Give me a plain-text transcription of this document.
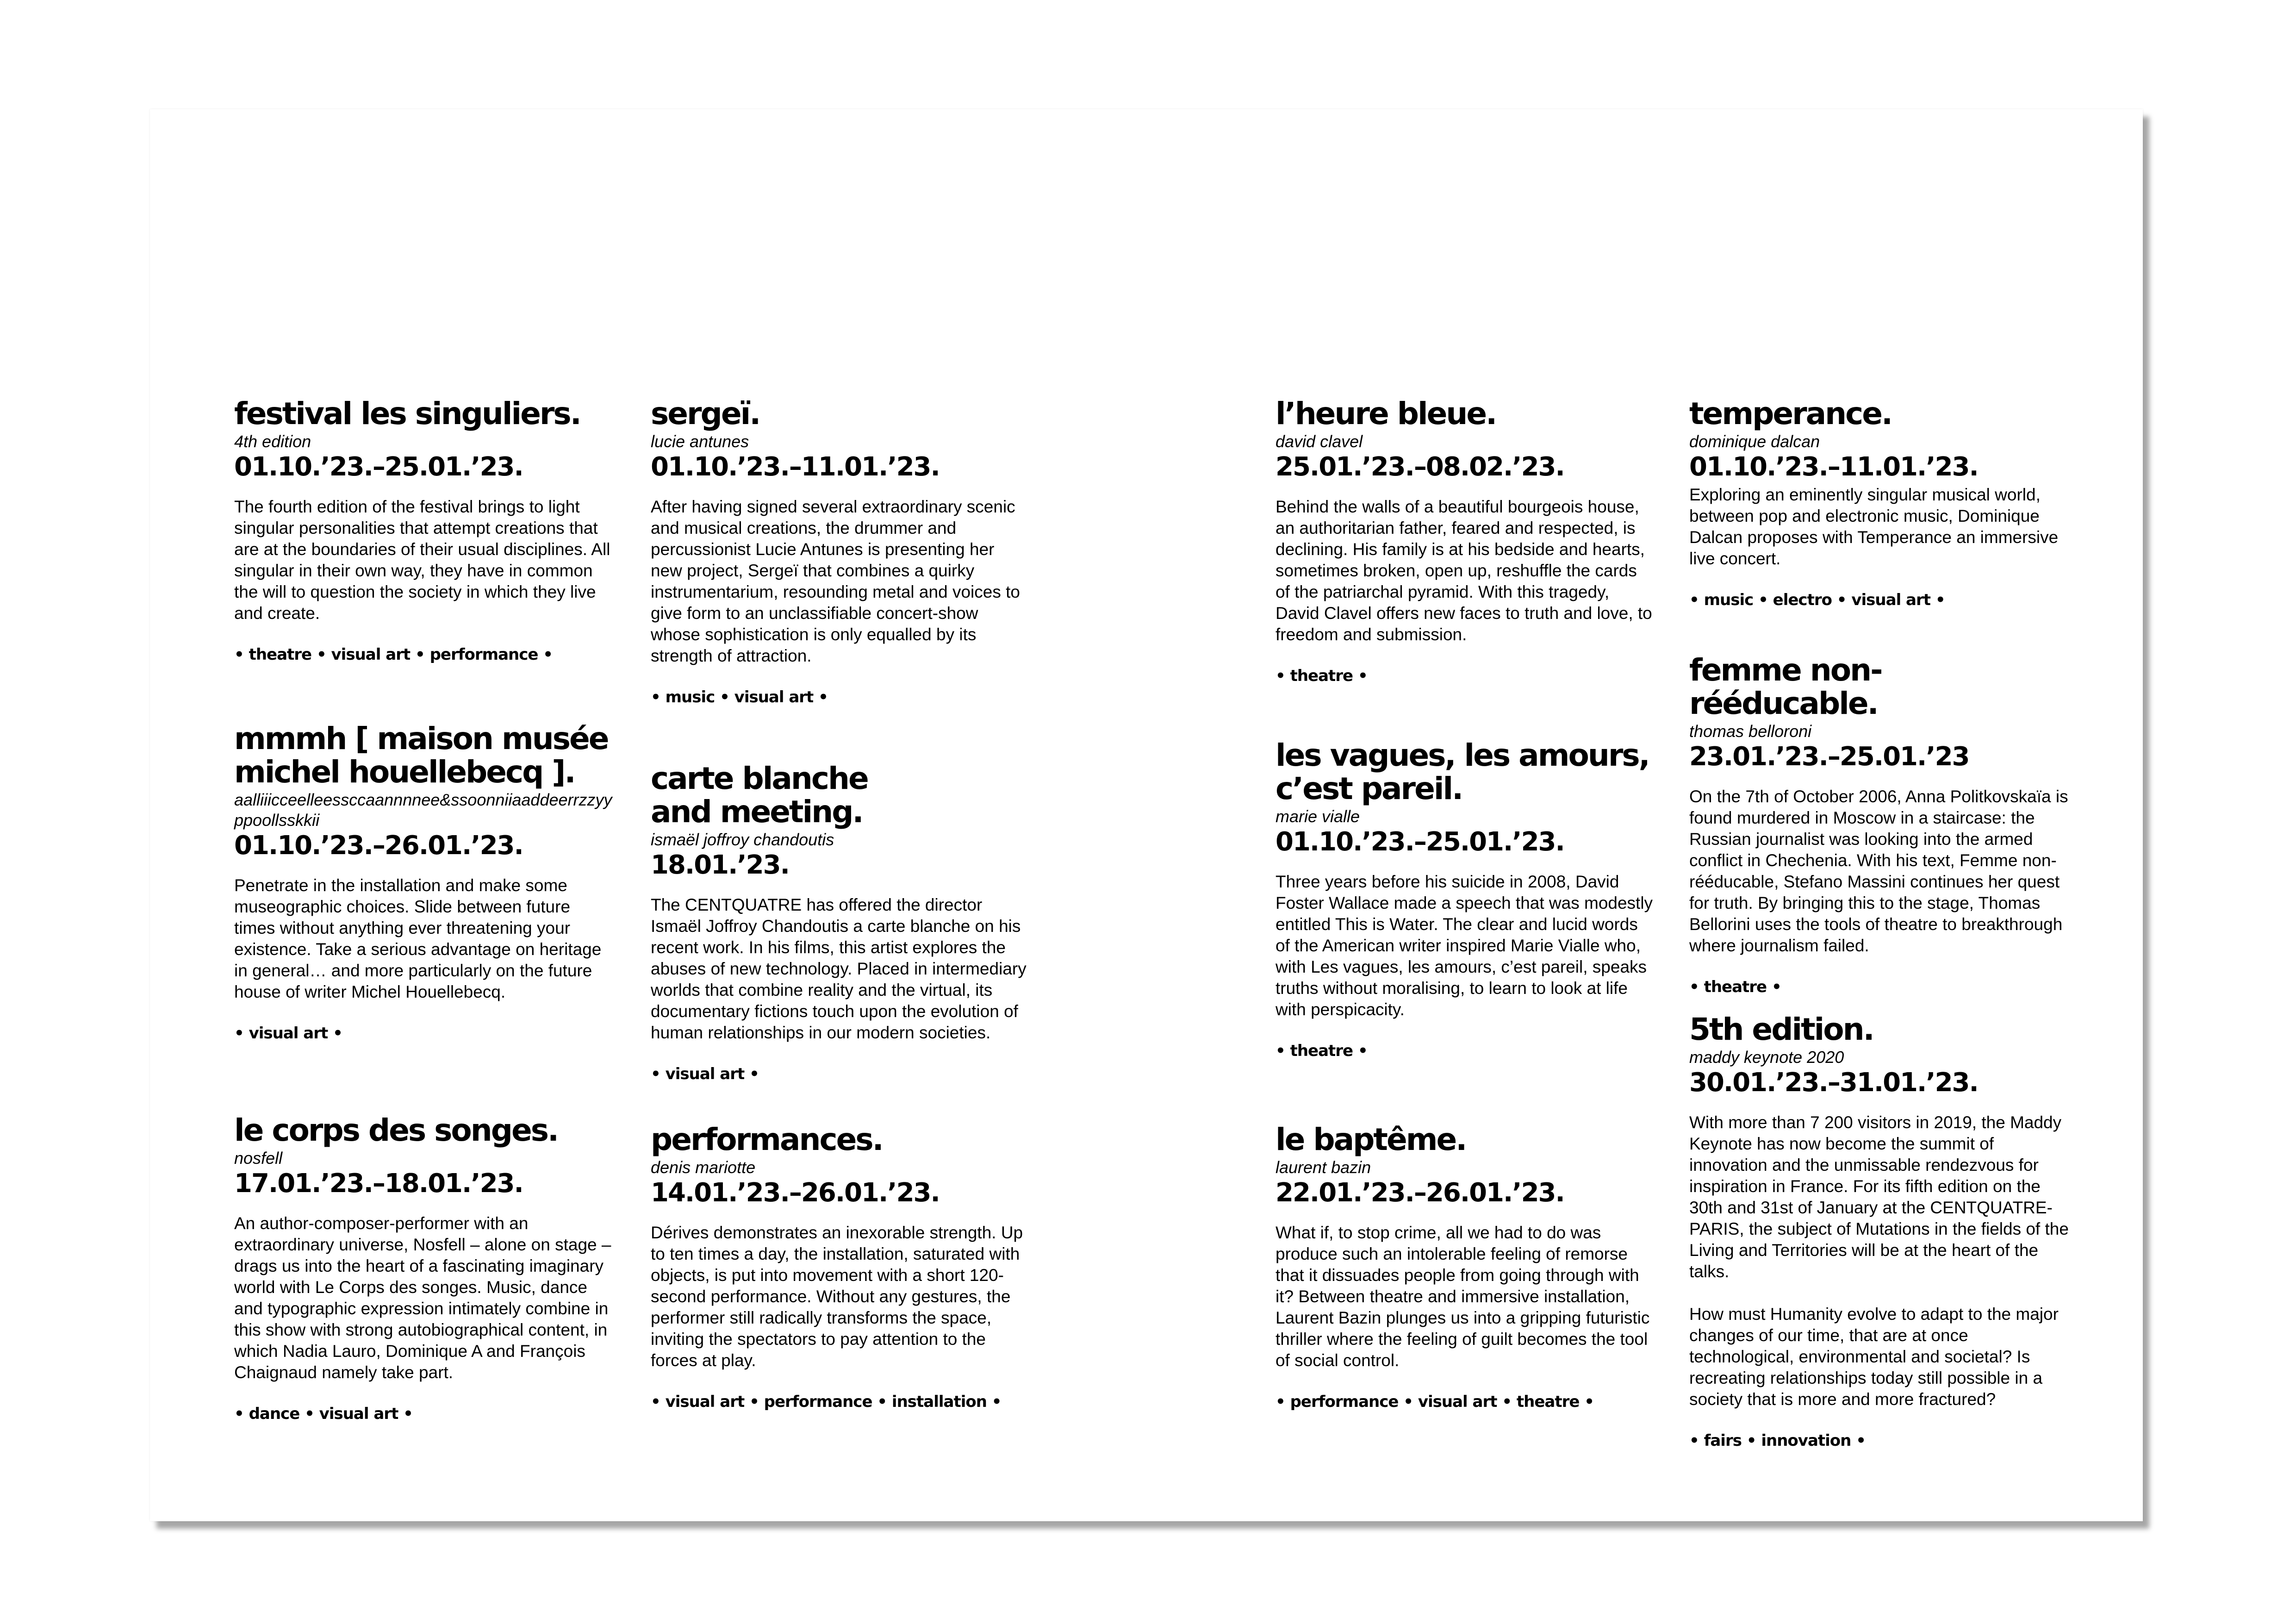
festival les singuliers.

4th edition

01.10.’23.–25.01.’23.

The fourth edition of the festival brings to light singular personalities that attempt creations that are at the boundaries of their usual disciplines. All singular in their own way, they have in common the will to question the society in which they live and create.

• theatre • visual art • performance •

mmmh [ maison musée michel houellebecq ].

aalliiicceelleessccaannnnee&ssoonniiaaddeerrzzyyppoollsskkii

01.10.’23.–26.01.’23.

Penetrate in the installation and make some museographic choices. Slide between future times without anything ever threatening your existence. Take a serious advantage on heritage in general… and more particularly on the future house of writer Michel Houellebecq.

• visual art •

le corps des songes.

nosfell

17.01.’23.–18.01.’23.

An author-composer-performer with an extraordinary universe, Nosfell – alone on stage – drags us into the heart of a fascinating imaginary world with Le Corps des songes. Music, dance and typographic expression intimately combine in this show with strong autobiographical content, in which Nadia Lauro, Dominique A and François Chaignaud namely take part.

• dance • visual art •

sergeï.

lucie antunes

01.10.’23.–11.01.’23.

After having signed several extraordinary scenic and musical creations, the drummer and percussionist Lucie Antunes is presenting her new project, Sergeï that combines a quirky instrumentarium, resounding metal and voices to give form to an unclassifiable concert-show whose sophistication is only equalled by its strength of attraction.

• music • visual art •

carte blanche and meeting.

ismaël joffroy chandoutis

18.01.’23.

The CENTQUATRE has offered the director Ismaël Joffroy Chandoutis a carte blanche on his recent work. In his films, this artist explores the abuses of new technology. Placed in intermediary worlds that combine reality and the virtual, its documentary fictions touch upon the evolution of human relationships in our modern societies.

• visual art •

performances.

denis mariotte

14.01.’23.–26.01.’23.

Dérives demonstrates an inexorable strength. Up to ten times a day, the installation, saturated with objects, is put into movement with a short 120-second performance. Without any gestures, the performer still radically transforms the space, inviting the spectators to pay attention to the forces at play.

• visual art • performance • installation •

l’heure bleue.

david clavel

25.01.’23.–08.02.’23.

Behind the walls of a beautiful bourgeois house, an authoritarian father, feared and respected, is declining. His family is at his bedside and hearts, sometimes broken, open up, reshuffle the cards of the patriarchal pyramid. With this tragedy, David Clavel offers new faces to truth and love, to freedom and submission.

• theatre •

les vagues, les amours, c’est pareil.

marie vialle

01.10.’23.–25.01.’23.

Three years before his suicide in 2008, David Foster Wallace made a speech that was modestly entitled This is Water. The clear and lucid words of the American writer inspired Marie Vialle who, with Les vagues, les amours, c’est pareil, speaks truths without moralising, to learn to look at life with perspicacity.

• theatre •

le baptême.

laurent bazin

22.01.’23.–26.01.’23.

What if, to stop crime, all we had to do was produce such an intolerable feeling of remorse that it dissuades people from going through with it? Between theatre and immersive installation, Laurent Bazin plunges us into a gripping futuristic thriller where the feeling of guilt becomes the tool of social control.

• performance • visual art • theatre •

temperance.

dominique dalcan

01.10.’23.–11.01.’23.

Exploring an eminently singular musical world, between pop and electronic music, Dominique Dalcan proposes with Temperance an immersive live concert.

• music • electro • visual art •

femme non-rééducable.

thomas belloroni

23.01.’23.–25.01.’23

On the 7th of October 2006, Anna Politkovskaïa is found murdered in Moscow in a staircase: the Russian journalist was looking into the armed conflict in Chechenia. With his text, Femme non-rééducable, Stefano Massini continues her quest for truth. By bringing this to the stage, Thomas Bellorini uses the tools of theatre to breakthrough where journalism failed.

• theatre •

5th edition.

maddy keynote 2020

30.01.’23.–31.01.’23.

With more than 7 200 visitors in 2019, the Maddy Keynote has now become the summit of innovation and the unmissable rendezvous for inspiration in France. For its fifth edition on the 30th and 31st of January at the CENTQUATRE-PARIS, the subject of Mutations in the fields of the Living and Territories will be at the heart of the talks.

How must Humanity evolve to adapt to the major changes of our time, that are at once technological, environmental and societal? Is recreating relationships today still possible in a society that is more and more fractured?

• fairs • innovation •
